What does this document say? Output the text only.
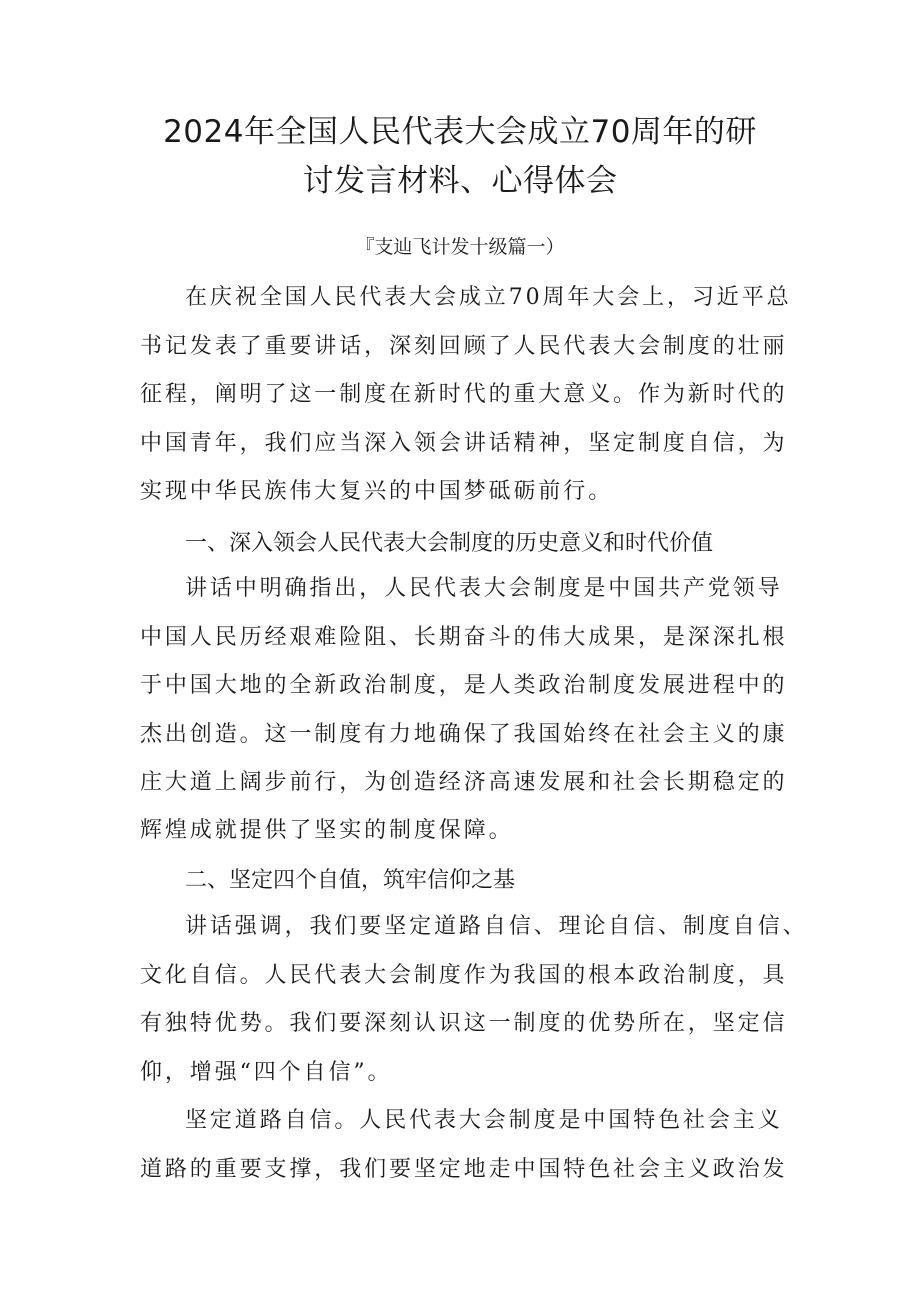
2024年全国人民代表大会成立70周年的研
讨发言材料、心得体会
『支辿飞计发十级篇一）
在庆祝全国人民代表大会成立70周年大会上，习近平总
书记发表了重要讲话，深刻回顾了人民代表大会制度的壮丽
征程，阐明了这一制度在新时代的重大意义。作为新时代的
中国青年，我们应当深入领会讲话精神，坚定制度自信，为
实现中华民族伟大复兴的中国梦砥砺前行。
一、深入领会人民代表大会制度的历史意义和时代价值
讲话中明确指出，人民代表大会制度是中国共产党领导
中国人民历经艰难险阻、长期奋斗的伟大成果，是深深扎根
于中国大地的全新政治制度，是人类政治制度发展进程中的
杰出创造。这一制度有力地确保了我国始终在社会主义的康
庄大道上阔步前行，为创造经济高速发展和社会长期稳定的
辉煌成就提供了坚实的制度保障。
二、坚定四个自值，筑牢信仰之基
讲话强调，我们要坚定道路自信、理论自信、制度自信、
文化自信。人民代表大会制度作为我国的根本政治制度，具
有独特优势。我们要深刻认识这一制度的优势所在，坚定信
仰，增强“四个自信”。
坚定道路自信。人民代表大会制度是中国特色社会主义
道路的重要支撑，我们要坚定地走中国特色社会主义政治发
